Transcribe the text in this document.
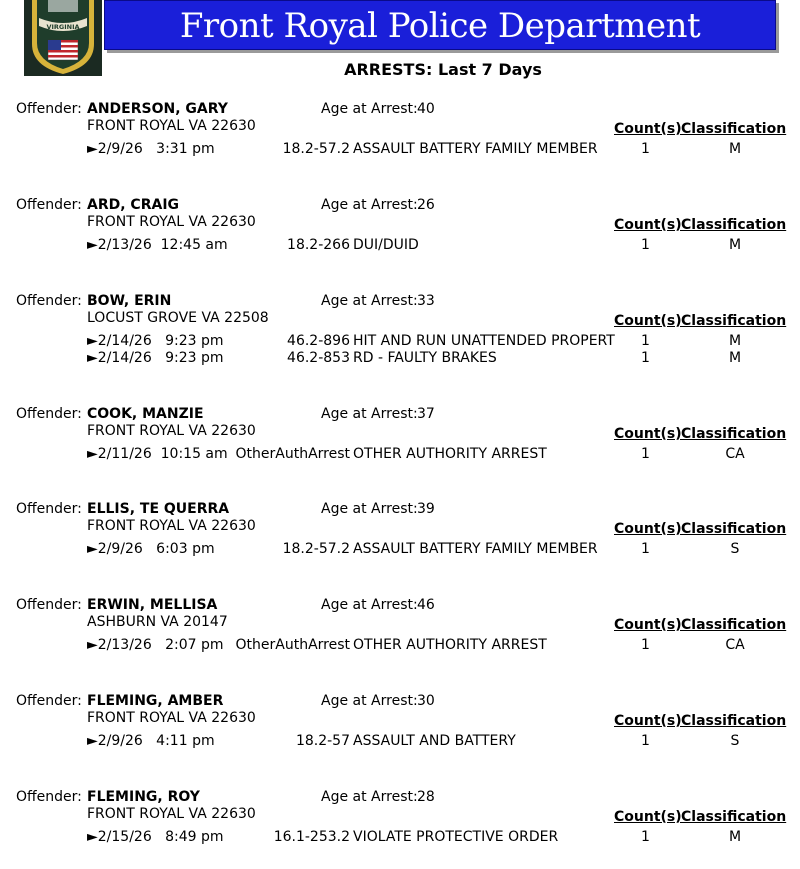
Front Royal Police Department
VIRGINIA
ARRESTS: Last 7 Days
Offender: ANDERSON, GARY	Age at Arrest: 40
FRONT ROYAL VA 22630	Count(s) Classification
►2/9/26   3:31 pm	18.2-57.2 ASSAULT BATTERY FAMILY MEMBER	1	M
Offender: ARD, CRAIG	Age at Arrest: 26
FRONT ROYAL VA 22630	Count(s) Classification
►2/13/26  12:45 am	18.2-266 DUI/DUID	1	M
Offender: BOW, ERIN	Age at Arrest: 33
LOCUST GROVE VA 22508	Count(s) Classification
►2/14/26   9:23 pm	46.2-896 HIT AND RUN UNATTENDED PROPERT 1	M
►2/14/26   9:23 pm	46.2-853 RD - FAULTY BRAKES	1	M
Offender: COOK, MANZIE	Age at Arrest: 37
FRONT ROYAL VA 22630	Count(s) Classification
►2/11/26  10:15 am OtherAuthArrest OTHER AUTHORITY ARREST	1	CA
Offender: ELLIS, TE QUERRA	Age at Arrest: 39
FRONT ROYAL VA 22630	Count(s) Classification
►2/9/26   6:03 pm	18.2-57.2 ASSAULT BATTERY FAMILY MEMBER	1	S
Offender: ERWIN, MELLISA	Age at Arrest: 46
ASHBURN VA 20147	Count(s) Classification
►2/13/26   2:07 pm OtherAuthArrest OTHER AUTHORITY ARREST	1	CA
Offender: FLEMING, AMBER	Age at Arrest: 30
FRONT ROYAL VA 22630	Count(s) Classification
►2/9/26   4:11 pm	18.2-57 ASSAULT AND BATTERY	1	S
Offender: FLEMING, ROY	Age at Arrest: 28
FRONT ROYAL VA 22630	Count(s) Classification
►2/15/26   8:49 pm	16.1-253.2 VIOLATE PROTECTIVE ORDER	1	M
